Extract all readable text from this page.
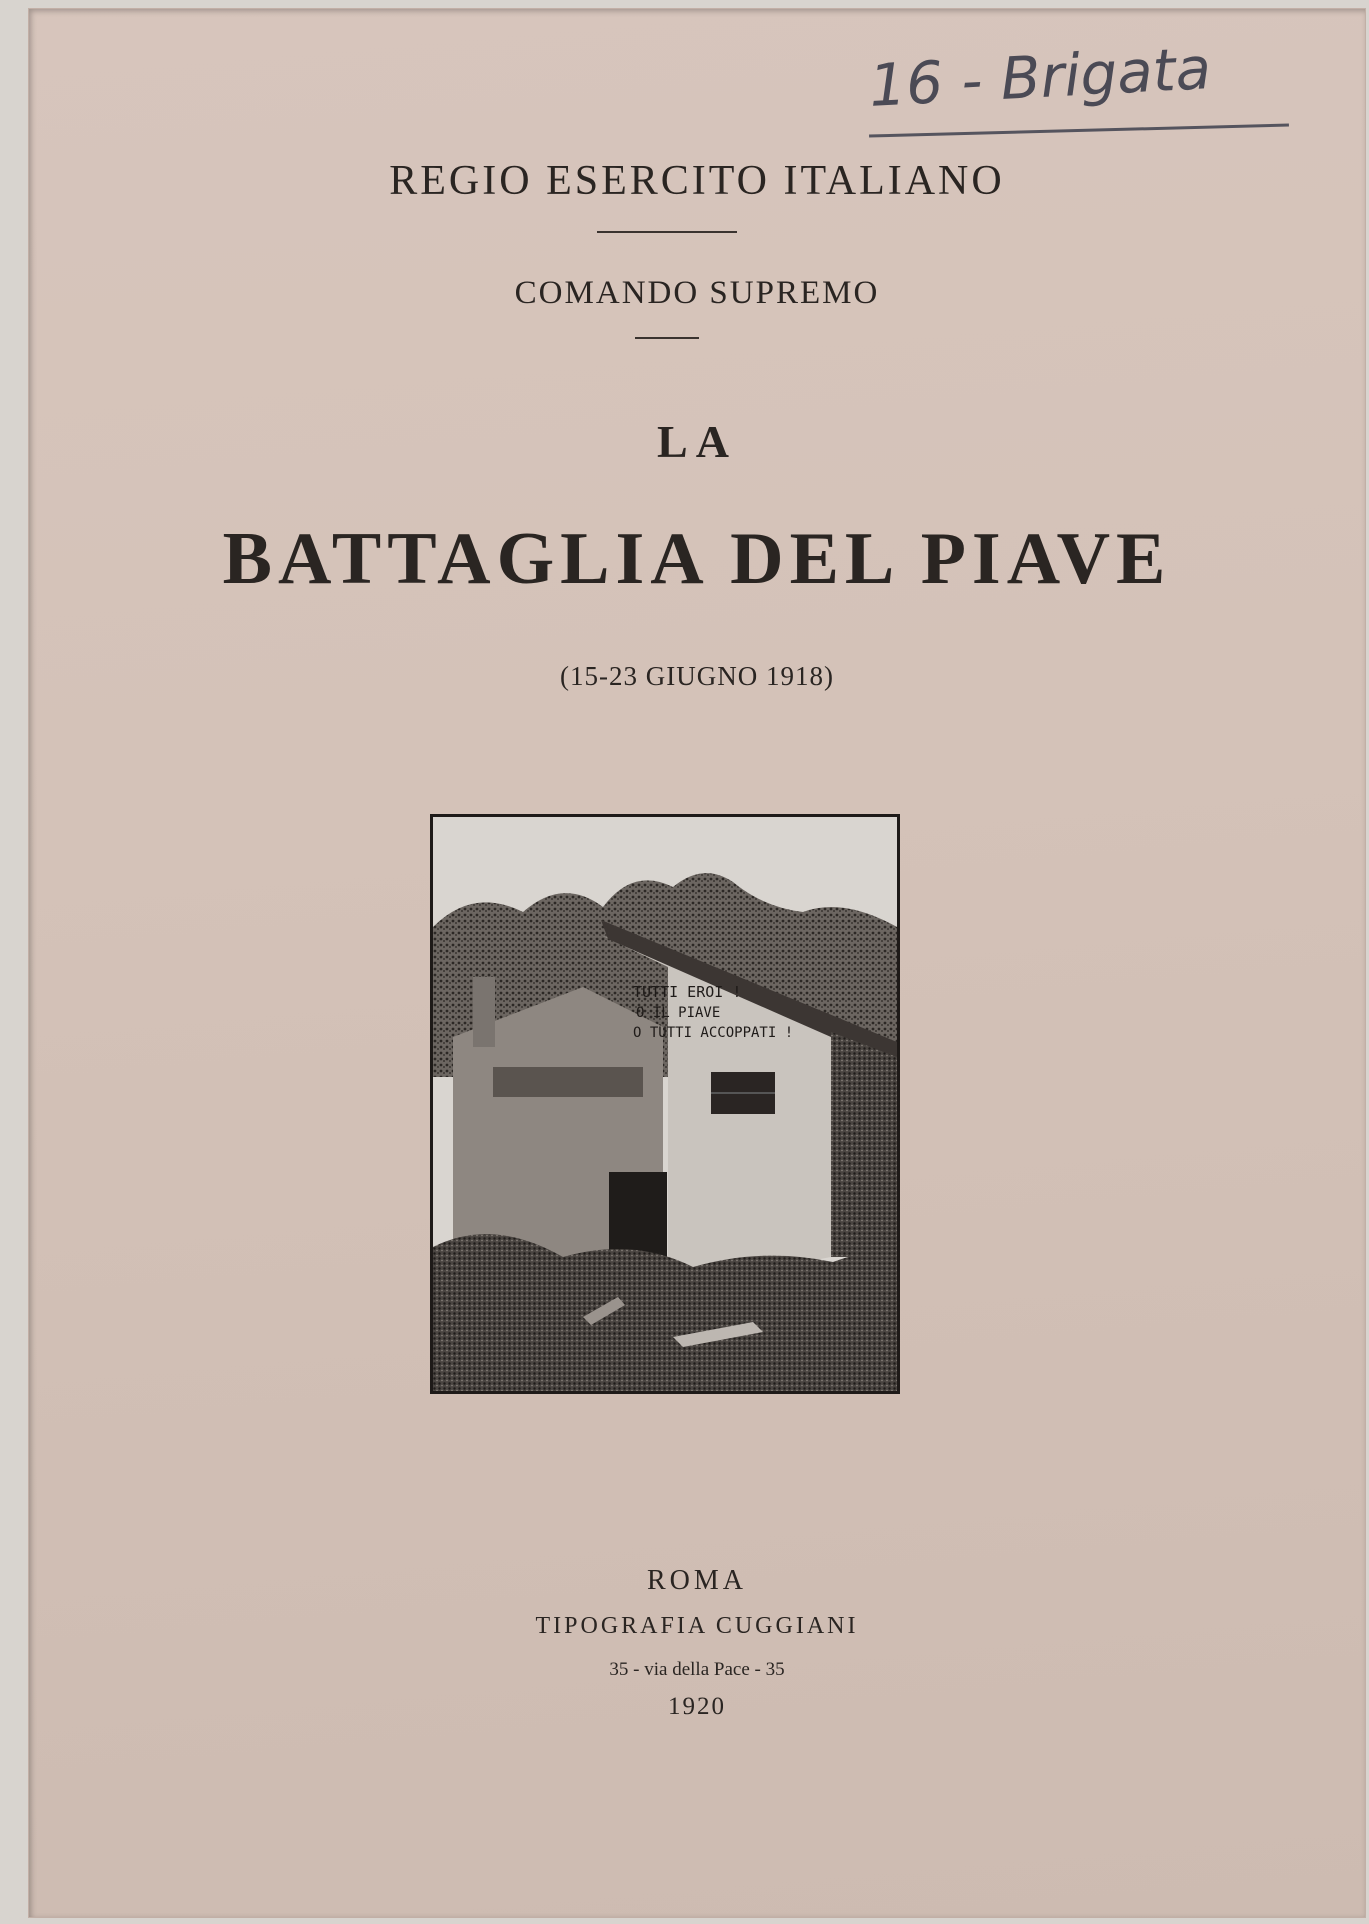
16 - Brigata
REGIO ESERCITO ITALIANO
COMANDO SUPREMO
LA
BATTAGLIA DEL PIAVE
(15-23 GIUGNO 1918)
TUTTI EROI !
O IL PIAVE
O TUTTI ACCOPPATI !
ROMA
TIPOGRAFIA CUGGIANI
35 - via della Pace - 35
1920
